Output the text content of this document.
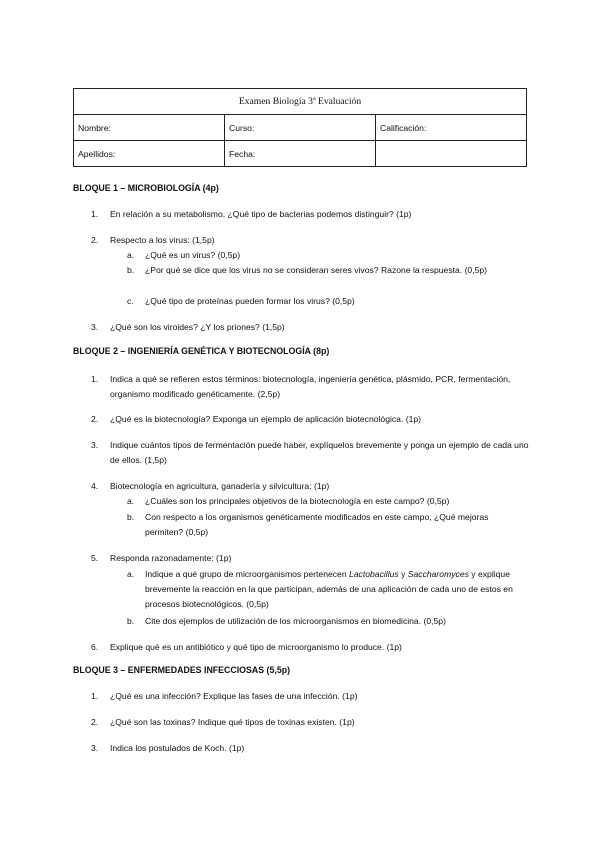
Examen Biología 3ª Evaluación		
Nombre:	Curso:	Calificación:
Apellidos:	Fecha:	
BLOQUE 1 – MICROBIOLOGÍA (4p)
1.	En relación a su metabolismo, ¿Qué tipo de bacterias podemos distinguir? (1p)
2.	Respecto a los virus: (1,5p)
a.	¿Qué es un virus? (0,5p)
b.	¿Por qué se dice que los virus no se consideran seres vivos? Razone la respuesta. (0,5p)
c.	¿Qué tipo de proteínas pueden formar los virus? (0,5p)
3.	¿Qué son los viroides? ¿Y los priones? (1,5p)
BLOQUE 2 – INGENIERÍA GENÉTICA Y BIOTECNOLOGÍA (8p)
1.	Indica a qué se refieren estos términos: biotecnología, ingeniería genética, plásmido, PCR, fermentación, organismo modificado genéticamente. (2,5p)
2.	¿Qué es la biotecnología? Exponga un ejemplo de aplicación biotecnológica. (1p)
3.	Indique cuántos tipos de fermentación puede haber, explíquelos brevemente y ponga un ejemplo de cada uno de ellos. (1,5p)
4.	Biotecnología en agricultura, ganadería y silvicultura: (1p)
a.	¿Cuáles son los principales objetivos de la biotecnología en este campo? (0,5p)
b.	Con respecto a los organismos genéticamente modificados en este campo, ¿Qué mejoras permiten? (0,5p)
5.	Responda razonadamente: (1p)
a.	Indique a qué grupo de microorganismos pertenecen Lactobacillus y Saccharomyces y explique brevemente la reacción en la que participan, además de una aplicación de cada uno de estos en procesos biotecnológicos. (0,5p)
b.	Cite dos ejemplos de utilización de los microorganismos en biomedicina. (0,5p)
6.	Explique qué es un antibiótico y qué tipo de microorganismo lo produce. (1p)
BLOQUE 3 – ENFERMEDADES INFECCIOSAS (5,5p)
1.	¿Qué es una infección? Explique las fases de una infección. (1p)
2.	¿Qué son las toxinas? Indique qué tipos de toxinas existen. (1p)
3.	Indica los postulados de Koch. (1p)
